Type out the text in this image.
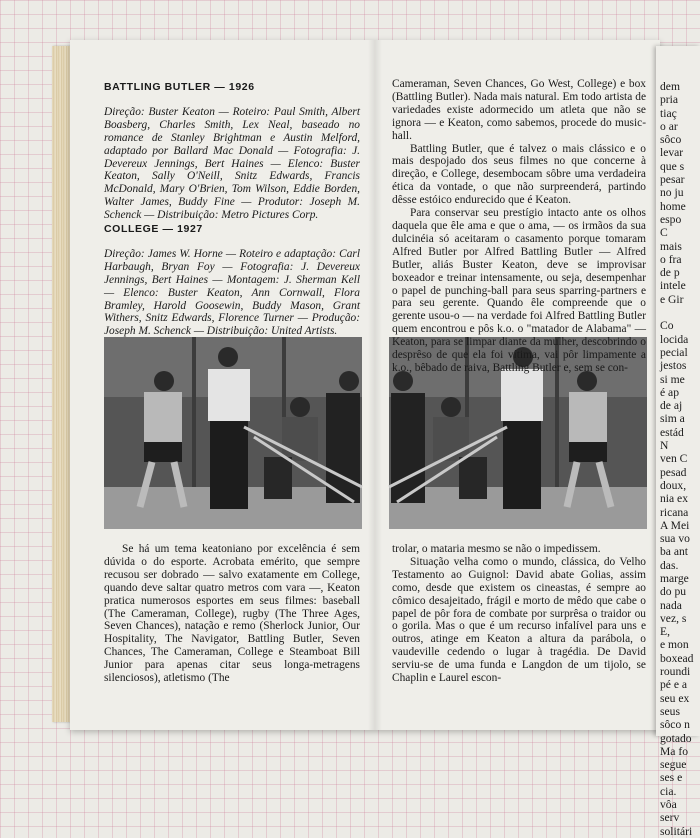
BATTLING BUTLER — 1926

Direção: Buster Keaton — Roteiro: Paul Smith, Albert Boasberg, Charles Smith, Lex Neal, baseado no romance de Stanley Brightman e Austin Melford, adaptado por Ballard Mac Donald — Fotografia: J. Devereux Jennings, Bert Haines — Elenco: Buster Keaton, Sally O'Neill, Snitz Edwards, Francis McDonald, Mary O'Brien, Tom Wilson, Eddie Borden, Walter James, Buddy Fine — Produtor: Joseph M. Schenck — Distribuição: Metro Pictures Corp.

COLLEGE — 1927

Direção: James W. Horne — Roteiro e adaptação: Carl Harbaugh, Bryan Foy — Fotografia: J. Devereux Jennings, Bert Haines — Montagem: J. Sherman Kell — Elenco: Buster Keaton, Ann Cornwall, Flora Bramley, Harold Goosewin, Buddy Mason, Grant Withers, Snitz Edwards, Florence Turner — Produção: Joseph M. Schenck — Distribuição: United Artists.

Se há um tema keatoniano por excelência é sem dúvida o do esporte. Acrobata emérito, que sempre recusou ser dobrado — salvo exatamente em College, quando deve saltar quatro metros com vara —, Keaton pratica numerosos esportes em seus filmes: baseball (The Cameraman, College), rugby (The Three Ages, Seven Chances), natação e remo (Sherlock Junior, Our Hospitality, The Navigator, Battling Butler, Seven Chances, The Cameraman, College e Steamboat Bill Junior para apenas citar seus longa-metragens silenciosos), atletismo (The

Cameraman, Seven Chances, Go West, College) e box (Battling Butler). Nada mais natural. Em todo artista de variedades existe adormecido um atleta que não se ignora — e Keaton, como sabemos, procede do music-hall.

Battling Butler, que é talvez o mais clássico e o mais despojado dos seus filmes no que concerne à direção, e College, desembocam sôbre uma verdadeira ética da vontade, o que não surpreenderá, partindo dêsse estóico endurecido que é Keaton.

Para conservar seu prestígio intacto ante os olhos daquela que êle ama e que o ama, — os irmãos da sua dulcinéia só aceitaram o casamento porque tomaram Alfred Butler por Alfred Battling Butler — Alfred Butler, aliás Buster Keaton, deve se improvisar boxeador e treinar intensamente, ou seja, desempenhar o papel de punching-ball para seus sparring-partners e para seu gerente. Quando êle compreende que o gerente usou-o — na verdade foi Alfred Battling Butler quem encontrou e pôs k.o. o "matador de Alabama" — Keaton, para se limpar diante da mulher, descobrindo o desprêso de que ela foi vítima, vai pôr limpamente a k.o., bêbado de raiva, Battling Butler e, sem se con-

trolar, o mataria mesmo se não o impedissem.

Situação velha como o mundo, clássica, do Velho Testamento ao Guignol: David abate Golias, assim como, desde que existem os cineastas, é sempre ao cômico desajeitado, frágil e morto de mêdo que cabe o papel de pôr fora de combate por surprêsa o traidor ou o gorila. Mas o que é um recurso infalível para uns e outros, atinge em Keaton a altura da parábola, o vaudeville cedendo o lugar à tragédia. De David serviu-se de uma funda e Langdon de um tijolo, se Chaplin e Laurel escon-

dem
pria
tiaç
o ar
sôco
levar
que s
pesar
no ju
home
espo
C
mais
o fra
de p
intele
e Gir

Co
locida
pecial
jestos
si me
é ap
de aj
sim a
estád
N
ven C
pesad
doux,
nia ex
ricana
A Mei
sua vo
ba ant
das.
marge
do pu
nada
vez, s
E,
e mon
boxead
roundi
pé e a
seu ex
seus
sôco n
gotado
Ma fo
segue
ses e
cia.
vôa
serv
solitári
